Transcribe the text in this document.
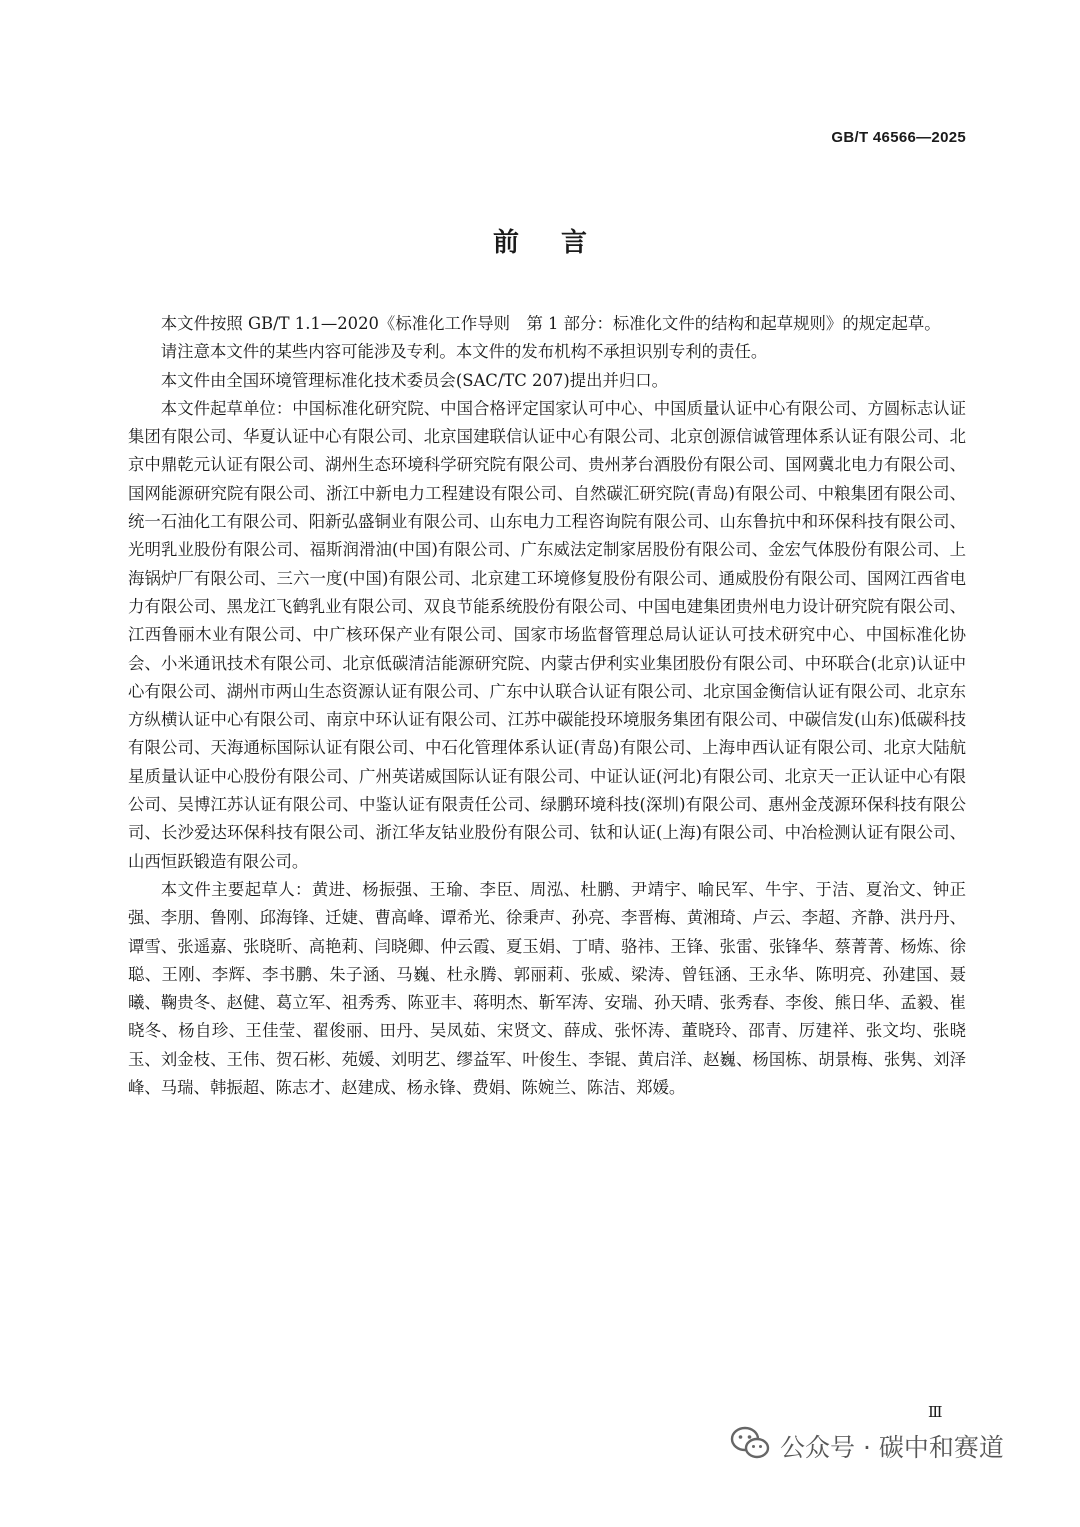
GB/T 46566—2025
前言

本文件按照 GB/T 1.1—2020《标准化工作导则　第 1 部分：标准化文件的结构和起草规则》的规定起草。

请注意本文件的某些内容可能涉及专利。本文件的发布机构不承担识别专利的责任。

本文件由全国环境管理标准化技术委员会(SAC/TC 207)提出并归口。

本文件起草单位：中国标准化研究院、中国合格评定国家认可中心、中国质量认证中心有限公司、方圆标志认证集团有限公司、华夏认证中心有限公司、北京国建联信认证中心有限公司、北京创源信诚管理体系认证有限公司、北京中鼎乾元认证有限公司、湖州生态环境科学研究院有限公司、贵州茅台酒股份有限公司、国网冀北电力有限公司、国网能源研究院有限公司、浙江中新电力工程建设有限公司、自然碳汇研究院(青岛)有限公司、中粮集团有限公司、统一石油化工有限公司、阳新弘盛铜业有限公司、山东电力工程咨询院有限公司、山东鲁抗中和环保科技有限公司、光明乳业股份有限公司、福斯润滑油(中国)有限公司、广东威法定制家居股份有限公司、金宏气体股份有限公司、上海锅炉厂有限公司、三六一度(中国)有限公司、北京建工环境修复股份有限公司、通威股份有限公司、国网江西省电力有限公司、黑龙江飞鹤乳业有限公司、双良节能系统股份有限公司、中国电建集团贵州电力设计研究院有限公司、江西鲁丽木业有限公司、中广核环保产业有限公司、国家市场监督管理总局认证认可技术研究中心、中国标准化协会、小米通讯技术有限公司、北京低碳清洁能源研究院、内蒙古伊利实业集团股份有限公司、中环联合(北京)认证中心有限公司、湖州市两山生态资源认证有限公司、广东中认联合认证有限公司、北京国金衡信认证有限公司、北京东方纵横认证中心有限公司、南京中环认证有限公司、江苏中碳能投环境服务集团有限公司、中碳信发(山东)低碳科技有限公司、天海通标国际认证有限公司、中石化管理体系认证(青岛)有限公司、上海申西认证有限公司、北京大陆航星质量认证中心股份有限公司、广州英诺威国际认证有限公司、中证认证(河北)有限公司、北京天一正认证中心有限公司、吴博江苏认证有限公司、中鉴认证有限责任公司、绿鹏环境科技(深圳)有限公司、惠州金茂源环保科技有限公司、长沙爱达环保科技有限公司、浙江华友钴业股份有限公司、钛和认证(上海)有限公司、中冶检测认证有限公司、山西恒跃锻造有限公司。

本文件主要起草人：黄进、杨振强、王瑜、李臣、周泓、杜鹏、尹靖宇、喻民军、牛宇、于洁、夏治文、钟正强、李朋、鲁刚、邱海锋、迁婕、曹高峰、谭希光、徐秉声、孙亮、李晋梅、黄湘琦、卢云、李超、齐静、洪丹丹、谭雪、张遥嘉、张晓昕、高艳莉、闫晓卿、仲云霞、夏玉娟、丁晴、骆祎、王锋、张雷、张锋华、蔡菁菁、杨炼、徐聪、王刚、李辉、李书鹏、朱子涵、马巍、杜永腾、郭丽莉、张威、梁涛、曾钰涵、王永华、陈明亮、孙建国、聂曦、鞠贵冬、赵健、葛立军、祖秀秀、陈亚丰、蒋明杰、靳军涛、安瑞、孙天晴、张秀春、李俊、熊日华、孟毅、崔晓冬、杨自珍、王佳莹、翟俊丽、田丹、吴凤茹、宋贤文、薛成、张怀涛、董晓玲、邵青、厉建祥、张文均、张晓玉、刘金枝、王伟、贺石彬、苑媛、刘明艺、缪益军、叶俊生、李锟、黄启洋、赵巍、杨国栋、胡景梅、张隽、刘泽峰、马瑞、韩振超、陈志才、赵建成、杨永锋、费娟、陈婉兰、陈洁、郑媛。

Ⅲ
公众号 · 碳中和赛道
